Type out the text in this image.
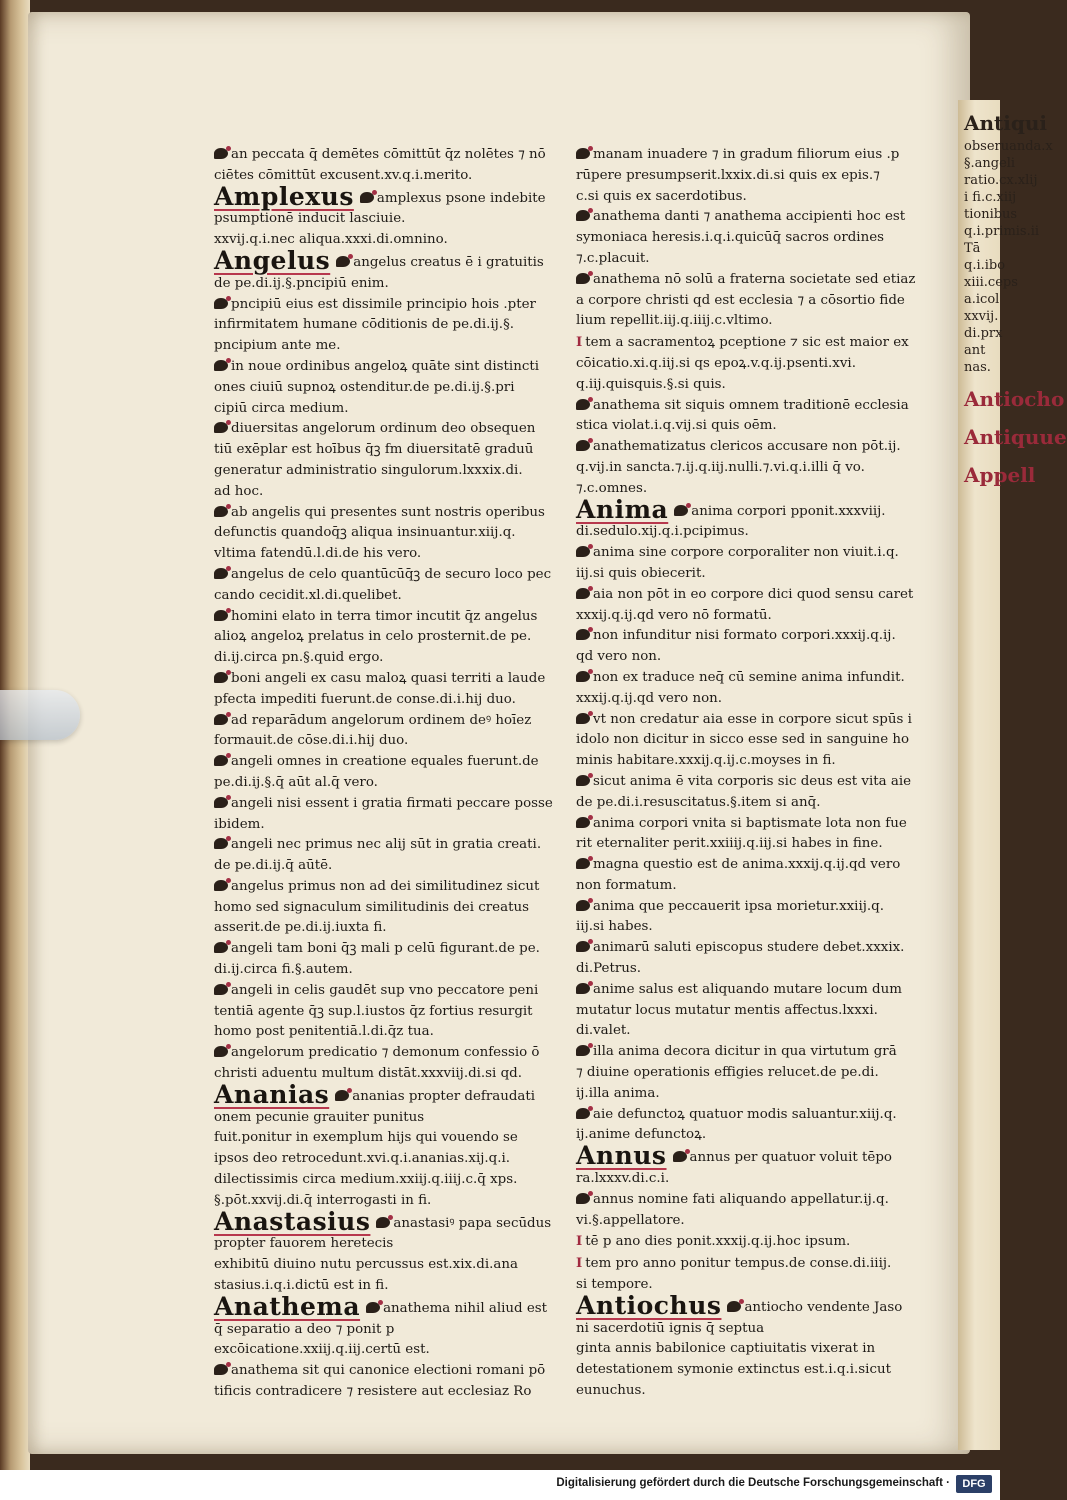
Antiqui
obseruanda.x
§.angeli
ratio.cx.xlij
i fi.c.xiij
tionibus
q.i.primis.ii
Tā
q.i.ibo
xiii.ceps
a.icol
xxvij.
di.prx
ant
nas.
Antiocho
Antiquue
Appell
an peccata q̄ demētes cōmittūt q̄z nolētes ⁊ nō
ciētes cōmittūt excusent.xv.q.i.merito.
Amplexus amplexus psone indebite
psumptionē inducit lasciuie.
xxvij.q.i.nec aliqua.xxxi.di.omnino.
Angelus angelus creatus ē i gratuitis
de pe.di.ij.§.pncipiū enim.
pncipiū eius est dissimile principio hois .pter
infirmitatem humane cōditionis de pe.di.ij.§.
pncipium ante me.
in noue ordinibus angeloꝝ quāte sint distincti
ones ciuiū supnoꝝ ostenditur.de pe.di.ij.§.pri
cipiū circa medium.
diuersitas angelorum ordinum deo obsequen
tiū exēplar est hoībus q̄ꝫ fm diuersitatē graduū
generatur administratio singulorum.lxxxix.di.
ad hoc.
ab angelis qui presentes sunt nostris operibus
defunctis quandoq̄ꝫ aliqua insinuantur.xiij.q.
vltima fatendū.l.di.de his vero.
angelus de celo quantūcūq̄ꝫ de securo loco pec
cando cecidit.xl.di.quelibet.
homini elato in terra timor incutit q̄z angelus
alioꝝ angeloꝝ prelatus in celo prosternit.de pe.
di.ij.circa pn.§.quid ergo.
boni angeli ex casu maloꝝ quasi territi a laude
pfecta impediti fuerunt.de conse.di.i.hij duo.
ad reparādum angelorum ordinem deꝰ hoīez
formauit.de cōse.di.i.hij duo.
angeli omnes in creatione equales fuerunt.de
pe.di.ij.§.q̄ aūt al.q̄ vero.
angeli nisi essent i gratia firmati peccare posse
ibidem.
angeli nec primus nec alij sūt in gratia creati.
de pe.di.ij.q̄ aūtē.
angelus primus non ad dei similitudinez sicut
homo sed signaculum similitudinis dei creatus
asserit.de pe.di.ij.iuxta fi.
angeli tam boni q̄ꝫ mali p celū figurant.de pe.
di.ij.circa fi.§.autem.
angeli in celis gaudēt sup vno peccatore peni
tentiā agente q̄ꝫ sup.l.iustos q̄z fortius resurgit
homo post penitentiā.l.di.q̄z tua.
angelorum predicatio ⁊ demonum confessio ō
christi aduentu multum distāt.xxxviij.di.si qd.
Ananias ananias propter defraudati
onem pecunie grauiter punitus
fuit.ponitur in exemplum hijs qui vouendo se
ipsos deo retrocedunt.xvi.q.i.ananias.xij.q.i.
dilectissimis circa medium.xxiij.q.iiij.c.q̄ xps.
§.pōt.xxvij.di.q̄ interrogasti in fi.
Anastasius anastasiꝰ papa secūdus
propter fauorem heretecis
exhibitū diuino nutu percussus est.xix.di.ana
stasius.i.q.i.dictū est in fi.
Anathema anathema nihil aliud est
q̄ separatio a deo ⁊ ponit p
excōicatione.xxiij.q.iij.certū est.
anathema sit qui canonice electioni romani pō
tificis contradicere ⁊ resistere aut ecclesiaz Ro
manam inuadere ⁊ in gradum filiorum eius .p
rūpere presumpserit.lxxix.di.si quis ex epis.⁊
c.si quis ex sacerdotibus.
anathema danti ⁊ anathema accipienti hoc est
symoniaca heresis.i.q.i.quicūq̄ sacros ordines
⁊.c.placuit.
anathema nō solū a fraterna societate sed etiaz
a corpore christi qd est ecclesia ⁊ a cōsortio fide
lium repellit.iij.q.iiij.c.vltimo.
I tem a sacramentoꝝ pceptione ⁊ sic est maior ex
cōicatio.xi.q.iij.si qs epoꝝ.v.q.ij.psenti.xvi.
q.iij.quisquis.§.si quis.
anathema sit siquis omnem traditionē ecclesia
stica violat.i.q.vij.si quis oēm.
anathematizatus clericos accusare non pōt.ij.
q.vij.in sancta.⁊.ij.q.iij.nulli.⁊.vi.q.i.illi q̄ vo.
⁊.c.omnes.
Anima anima corpori pponit.xxxviij.
di.sedulo.xij.q.i.pcipimus.
anima sine corpore corporaliter non viuit.i.q.
iij.si quis obiecerit.
aia non pōt in eo corpore dici quod sensu caret
xxxij.q.ij.qd vero nō formatū.
non infunditur nisi formato corpori.xxxij.q.ij.
qd vero non.
non ex traduce neq̄ cū semine anima infundit.
xxxij.q.ij.qd vero non.
vt non credatur aia esse in corpore sicut spūs i
idolo non dicitur in sicco esse sed in sanguine ho
minis habitare.xxxij.q.ij.c.moyses in fi.
sicut anima ē vita corporis sic deus est vita aie
de pe.di.i.resuscitatus.§.item si anq̄.
anima corpori vnita si baptismate lota non fue
rit eternaliter perit.xxiiij.q.iij.si habes in fine.
magna questio est de anima.xxxij.q.ij.qd vero
non formatum.
anima que peccauerit ipsa morietur.xxiij.q.
iij.si habes.
animarū saluti episcopus studere debet.xxxix.
di.Petrus.
anime salus est aliquando mutare locum dum
mutatur locus mutatur mentis affectus.lxxxi.
di.valet.
illa anima decora dicitur in qua virtutum grā
⁊ diuine operationis effigies relucet.de pe.di.
ij.illa anima.
aie defunctoꝝ quatuor modis saluantur.xiij.q.
ij.anime defunctoꝝ.
Annus annus per quatuor voluit tēpo
ra.lxxxv.di.c.i.
annus nomine fati aliquando appellatur.ij.q.
vi.§.appellatore.
I tē p ano dies ponit.xxxij.q.ij.hoc ipsum.
I tem pro anno ponitur tempus.de conse.di.iiij.
si tempore.
Antiochus antiocho vendente Jaso
ni sacerdotiū ignis q̄ septua
ginta annis babilonice captiuitatis vixerat in
detestationem symonie extinctus est.i.q.i.sicut
eunuchus.
Digitalisierung gefördert durch die Deutsche Forschungsgemeinschaft ·	DFG
